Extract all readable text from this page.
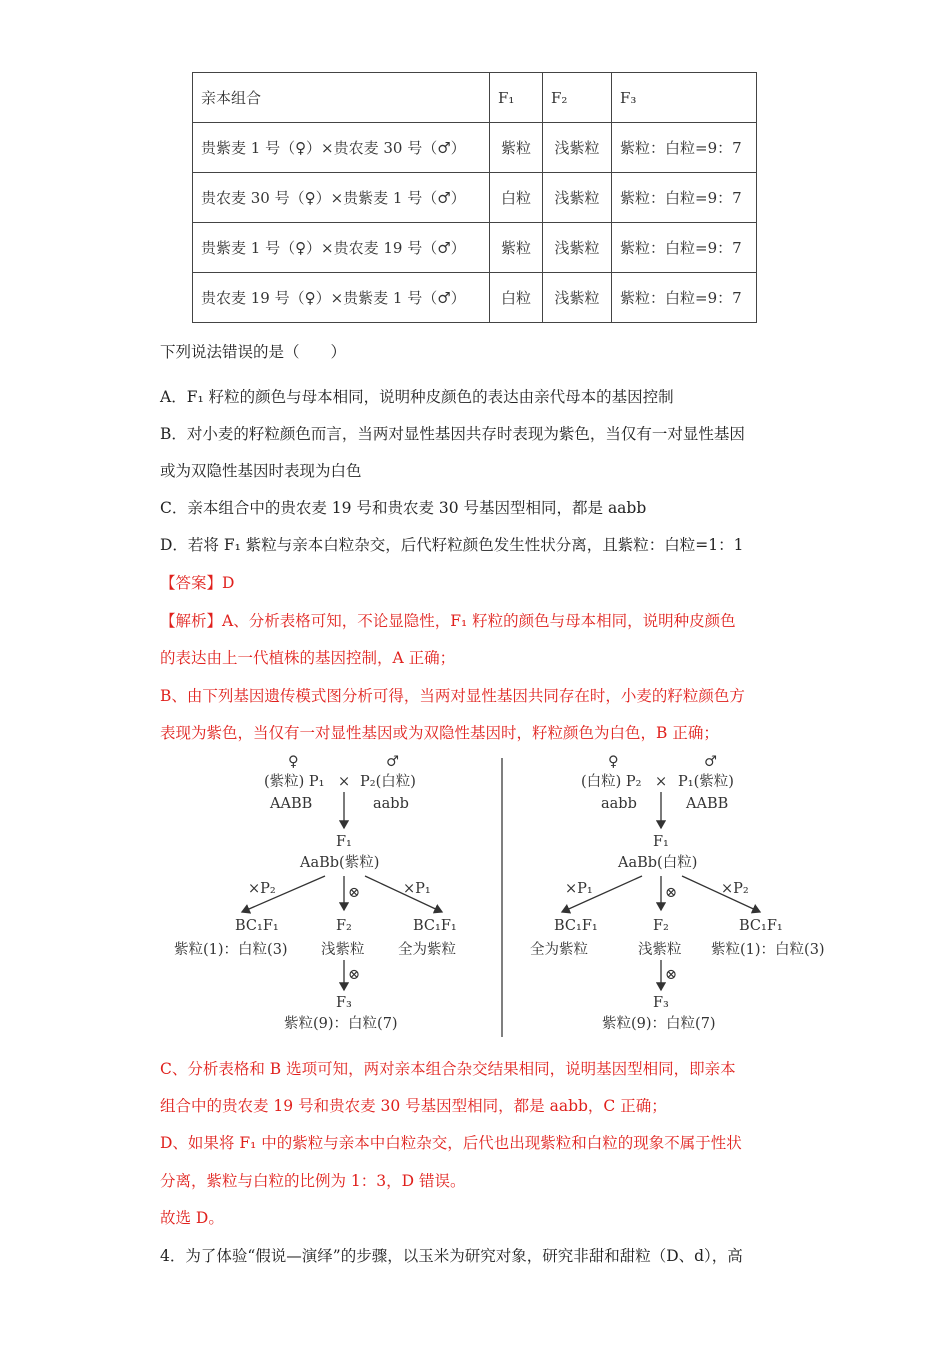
亲本组合	F₁	F₂	F₃
贵紫麦 1 号（♀）×贵农麦 30 号（♂）	紫粒	浅紫粒	紫粒：白粒=9：7
贵农麦 30 号（♀）×贵紫麦 1 号（♂）	白粒	浅紫粒	紫粒：白粒=9：7
贵紫麦 1 号（♀）×贵农麦 19 号（♂）	紫粒	浅紫粒	紫粒：白粒=9：7
贵农麦 19 号（♀）×贵紫麦 1 号（♂）	白粒	浅紫粒	紫粒：白粒=9：7
下列说法错误的是（　　）
A．F₁ 籽粒的颜色与母本相同，说明种皮颜色的表达由亲代母本的基因控制
B．对小麦的籽粒颜色而言，当两对显性基因共存时表现为紫色，当仅有一对显性基因
或为双隐性基因时表现为白色
C．亲本组合中的贵农麦 19 号和贵农麦 30 号基因型相同，都是 aabb
D．若将 F₁ 紫粒与亲本白粒杂交，后代籽粒颜色发生性状分离，且紫粒：白粒=1：1
【答案】D
【解析】A、分析表格可知，不论显隐性，F₁ 籽粒的颜色与母本相同，说明种皮颜色
的表达由上一代植株的基因控制，A 正确；
B、由下列基因遗传模式图分析可得，当两对显性基因共同存在时，小麦的籽粒颜色方
表现为紫色，当仅有一对显性基因或为双隐性基因时，籽粒颜色为白色，B 正确；
♀	♂
(紫粒) P₁ × P₂(白粒)
AABB	aabb
F₁
AaBb(紫粒)
×P₂	⊗	×P₁
BC₁F₁	F₂	BC₁F₁
紫粒(1)：白粒(3) 浅紫粒 全为紫粒
⊗
F₃
紫粒(9)：白粒(7)
♀	♂
(白粒) P₂ × P₁(紫粒)
aabb	AABB
F₁
AaBb(白粒)
×P₁	⊗	×P₂
BC₁F₁	F₂	BC₁F₁
全为紫粒	浅紫粒 紫粒(1)：白粒(3)
⊗
F₃
紫粒(9)：白粒(7)
C、分析表格和 B 选项可知，两对亲本组合杂交结果相同，说明基因型相同，即亲本
组合中的贵农麦 19 号和贵农麦 30 号基因型相同，都是 aabb，C 正确；
D、如果将 F₁ 中的紫粒与亲本中白粒杂交，后代也出现紫粒和白粒的现象不属于性状
分离，紫粒与白粒的比例为 1：3，D 错误。
故选 D。
4．为了体验“假说—演绎”的步骤，以玉米为研究对象，研究非甜和甜粒（D、d），高
